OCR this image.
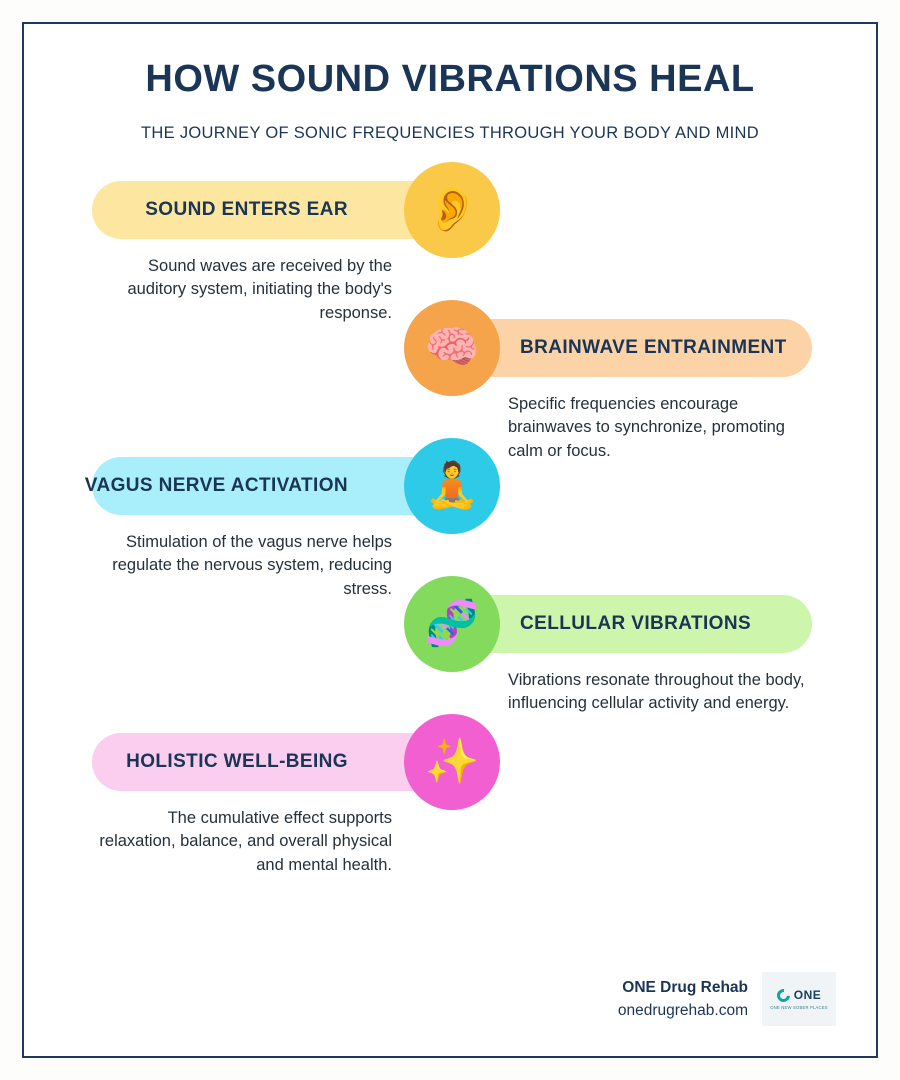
HOW SOUND VIBRATIONS HEAL
THE JOURNEY OF SONIC FREQUENCIES THROUGH YOUR BODY AND MIND
SOUND ENTERS EAR 👂
Sound waves are received by the auditory system, initiating the body's response.
BRAINWAVE ENTRAINMENT
🧠
Specific frequencies encourage brainwaves to synchronize, promoting calm or focus.
VAGUS NERVE ACTIVATION 🧘
Stimulation of the vagus nerve helps regulate the nervous system, reducing stress.
CELLULAR VIBRATIONS
🧬
Vibrations resonate throughout the body, influencing cellular activity and energy.
HOLISTIC WELL-BEING ✨
The cumulative effect supports relaxation, balance, and overall physical and mental health.
ONE Drug Rehab
onedrugrehab.com
ONE
ONE NEW SOBER PLACES
